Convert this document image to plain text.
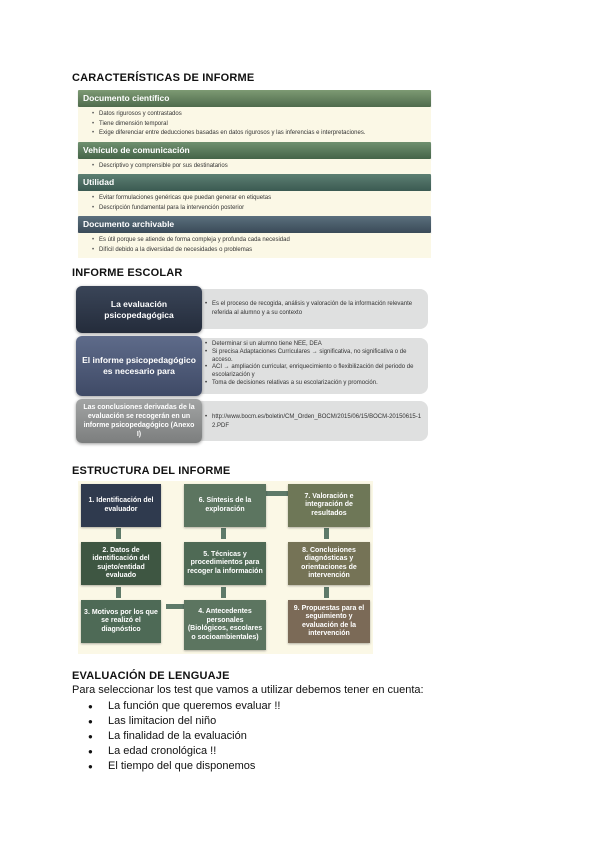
CARACTERÍSTICAS DE INFORME
Documento científico
• Datos rigurosos y contrastados
• Tiene dimensión temporal
• Exige diferenciar entre deducciones basadas en datos rigurosos y las inferencias e interpretaciones.
Vehículo de comunicación
• Descriptivo y comprensible por sus destinatarios
Utilidad
• Evitar formulaciones genéricas que puedan generar en etiquetas
• Descripción fundamental para la intervención posterior
Documento archivable
• Es útil porque se atiende de forma compleja y profunda cada necesidad
• Difícil debido a la diversidad de necesidades o problemas
INFORME ESCOLAR
La evaluación psicopedagógica
El informe psicopedagógico es necesario para
Las conclusiones derivadas de la evaluación se recogerán en un informe psicopedagógico (Anexo I)

• Es el proceso de recogida, análisis y valoración de la información relevante referida al alumno y a su contexto

• Determinar si un alumno tiene NEE, DEA

• Si precisa Adaptaciones Curriculares → significativa, no significativa o de acceso.

• ACI → ampliación curricular, enriquecimiento o flexibilización del periodo de escolarización y

• Toma de decisiones relativas a su escolarización y promoción.

• http://www.bocm.es/boletin/CM_Orden_BOCM/2015/06/15/BOCM-20150615-12.PDF

ESTRUCTURA DEL INFORME
1. Identificación del evaluador
2. Datos de identificación del sujeto/entidad evaluado
3. Motivos por los que se realizó el diagnóstico
4. Antecedentes personales (Biológicos, escolares o socioambientales)
5. Técnicas y procedimientos para recoger la información
6. Síntesis de la exploración
7. Valoración e integración de resultados
8. Conclusiones diagnósticas y orientaciones de intervención
9. Propuestas para el seguimiento y evaluación de la intervención
EVALUACIÓN DE LENGUAJE
Para seleccionar los test que vamos a utilizar debemos tener en cuenta:
● La función que queremos evaluar !!
● Las limitacion del niño
● La finalidad de la evaluación
● La edad cronológica !!
● El tiempo del que disponemos
